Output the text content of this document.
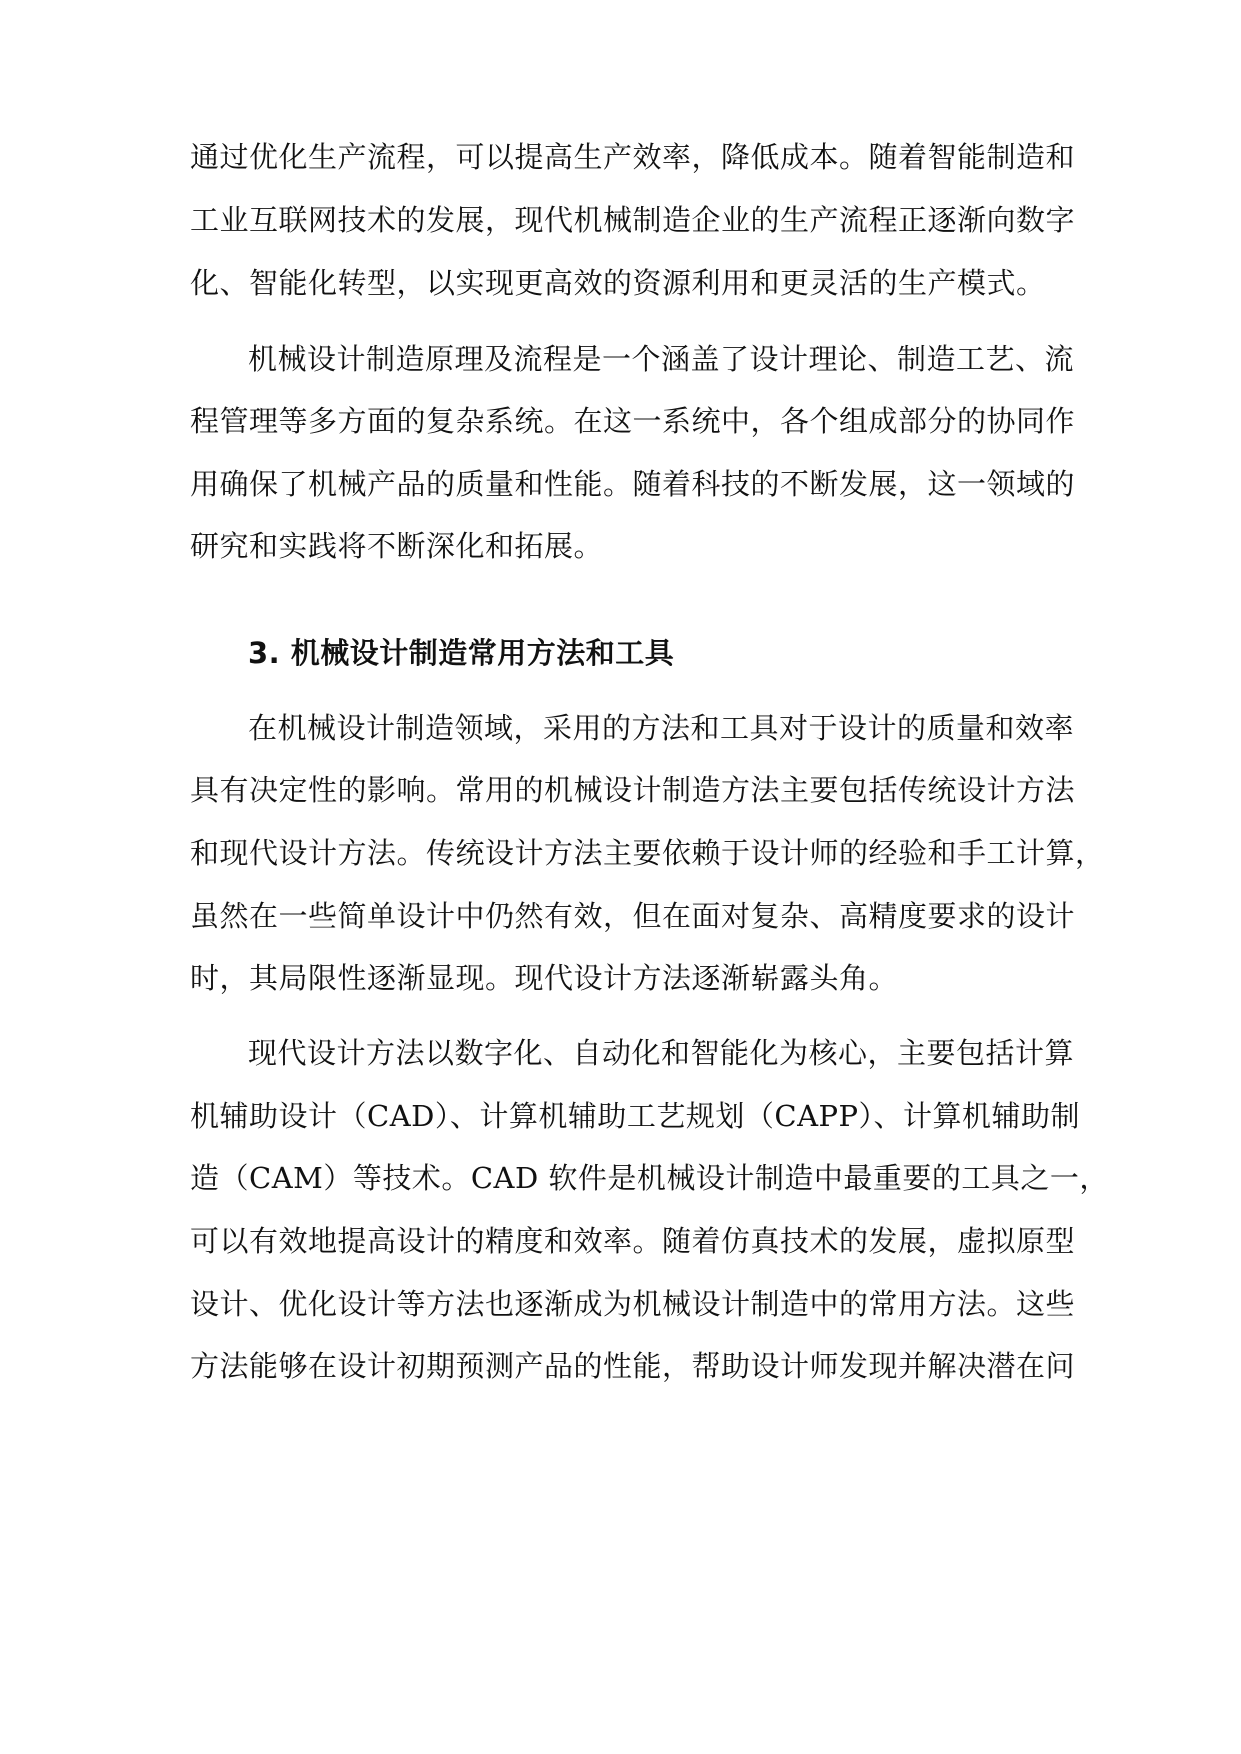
通过优化生产流程，可以提高生产效率，降低成本。随着智能制造和
工业互联网技术的发展，现代机械制造企业的生产流程正逐渐向数字
化、智能化转型，以实现更高效的资源利用和更灵活的生产模式。
机械设计制造原理及流程是一个涵盖了设计理论、制造工艺、流
程管理等多方面的复杂系统。在这一系统中，各个组成部分的协同作
用确保了机械产品的质量和性能。随着科技的不断发展，这一领域的
研究和实践将不断深化和拓展。
3. 机械设计制造常用方法和工具
在机械设计制造领域，采用的方法和工具对于设计的质量和效率
具有决定性的影响。常用的机械设计制造方法主要包括传统设计方法
和现代设计方法。传统设计方法主要依赖于设计师的经验和手工计算，
虽然在一些简单设计中仍然有效，但在面对复杂、高精度要求的设计
时，其局限性逐渐显现。现代设计方法逐渐崭露头角。
现代设计方法以数字化、自动化和智能化为核心，主要包括计算
机辅助设计（CAD）、计算机辅助工艺规划（CAPP）、计算机辅助制
造（CAM）等技术。CAD 软件是机械设计制造中最重要的工具之一，
可以有效地提高设计的精度和效率。随着仿真技术的发展，虚拟原型
设计、优化设计等方法也逐渐成为机械设计制造中的常用方法。这些
方法能够在设计初期预测产品的性能，帮助设计师发现并解决潜在问
